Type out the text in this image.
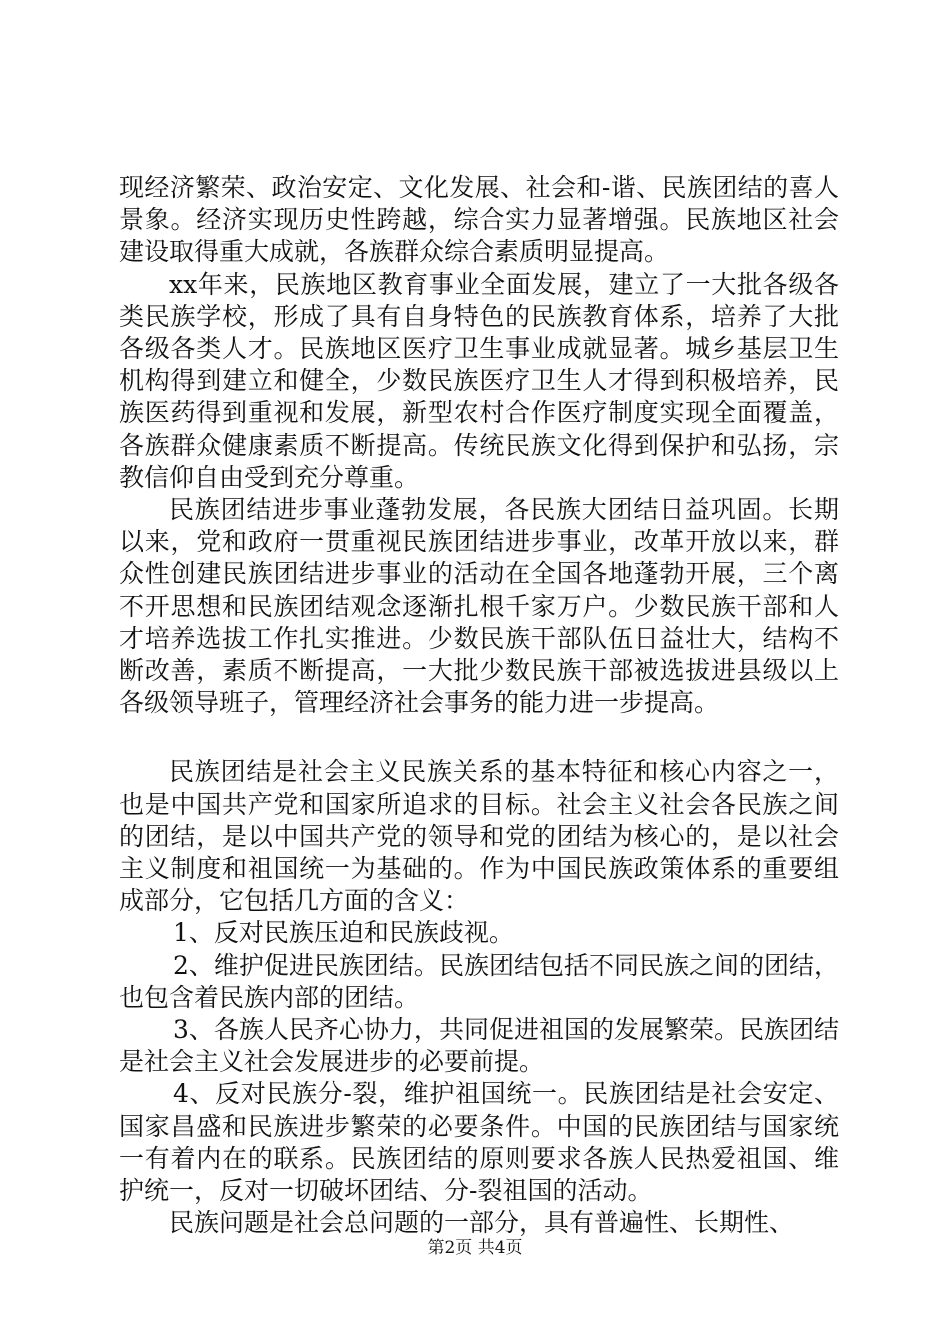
现经济繁荣、政治安定、文化发展、社会和-谐、民族团结的喜人景象。经济实现历史性跨越，综合实力显著增强。民族地区社会建设取得重大成就，各族群众综合素质明显提高。

xx年来，民族地区教育事业全面发展，建立了一大批各级各类民族学校，形成了具有自身特色的民族教育体系，培养了大批各级各类人才。民族地区医疗卫生事业成就显著。城乡基层卫生机构得到建立和健全，少数民族医疗卫生人才得到积极培养，民族医药得到重视和发展，新型农村合作医疗制度实现全面覆盖，各族群众健康素质不断提高。传统民族文化得到保护和弘扬，宗教信仰自由受到充分尊重。

民族团结进步事业蓬勃发展，各民族大团结日益巩固。长期以来，党和政府一贯重视民族团结进步事业，改革开放以来，群众性创建民族团结进步事业的活动在全国各地蓬勃开展，三个离不开思想和民族团结观念逐渐扎根千家万户。少数民族干部和人才培养选拔工作扎实推进。少数民族干部队伍日益壮大，结构不断改善，素质不断提高，一大批少数民族干部被选拔进县级以上各级领导班子，管理经济社会事务的能力进一步提高。

民族团结是社会主义民族关系的基本特征和核心内容之一，也是中国共产党和国家所追求的目标。社会主义社会各民族之间的团结，是以中国共产党的领导和党的团结为核心的，是以社会主义制度和祖国统一为基础的。作为中国民族政策体系的重要组成部分，它包括几方面的含义：

1、反对民族压迫和民族歧视。

2、维护促进民族团结。民族团结包括不同民族之间的团结，也包含着民族内部的团结。

3、各族人民齐心协力，共同促进祖国的发展繁荣。民族团结是社会主义社会发展进步的必要前提。

4、反对民族分-裂，维护祖国统一。民族团结是社会安定、国家昌盛和民族进步繁荣的必要条件。中国的民族团结与国家统一有着内在的联系。民族团结的原则要求各族人民热爱祖国、维护统一，反对一切破坏团结、分-裂祖国的活动。

民族问题是社会总问题的一部分，具有普遍性、长期性、

第2页 共4页
